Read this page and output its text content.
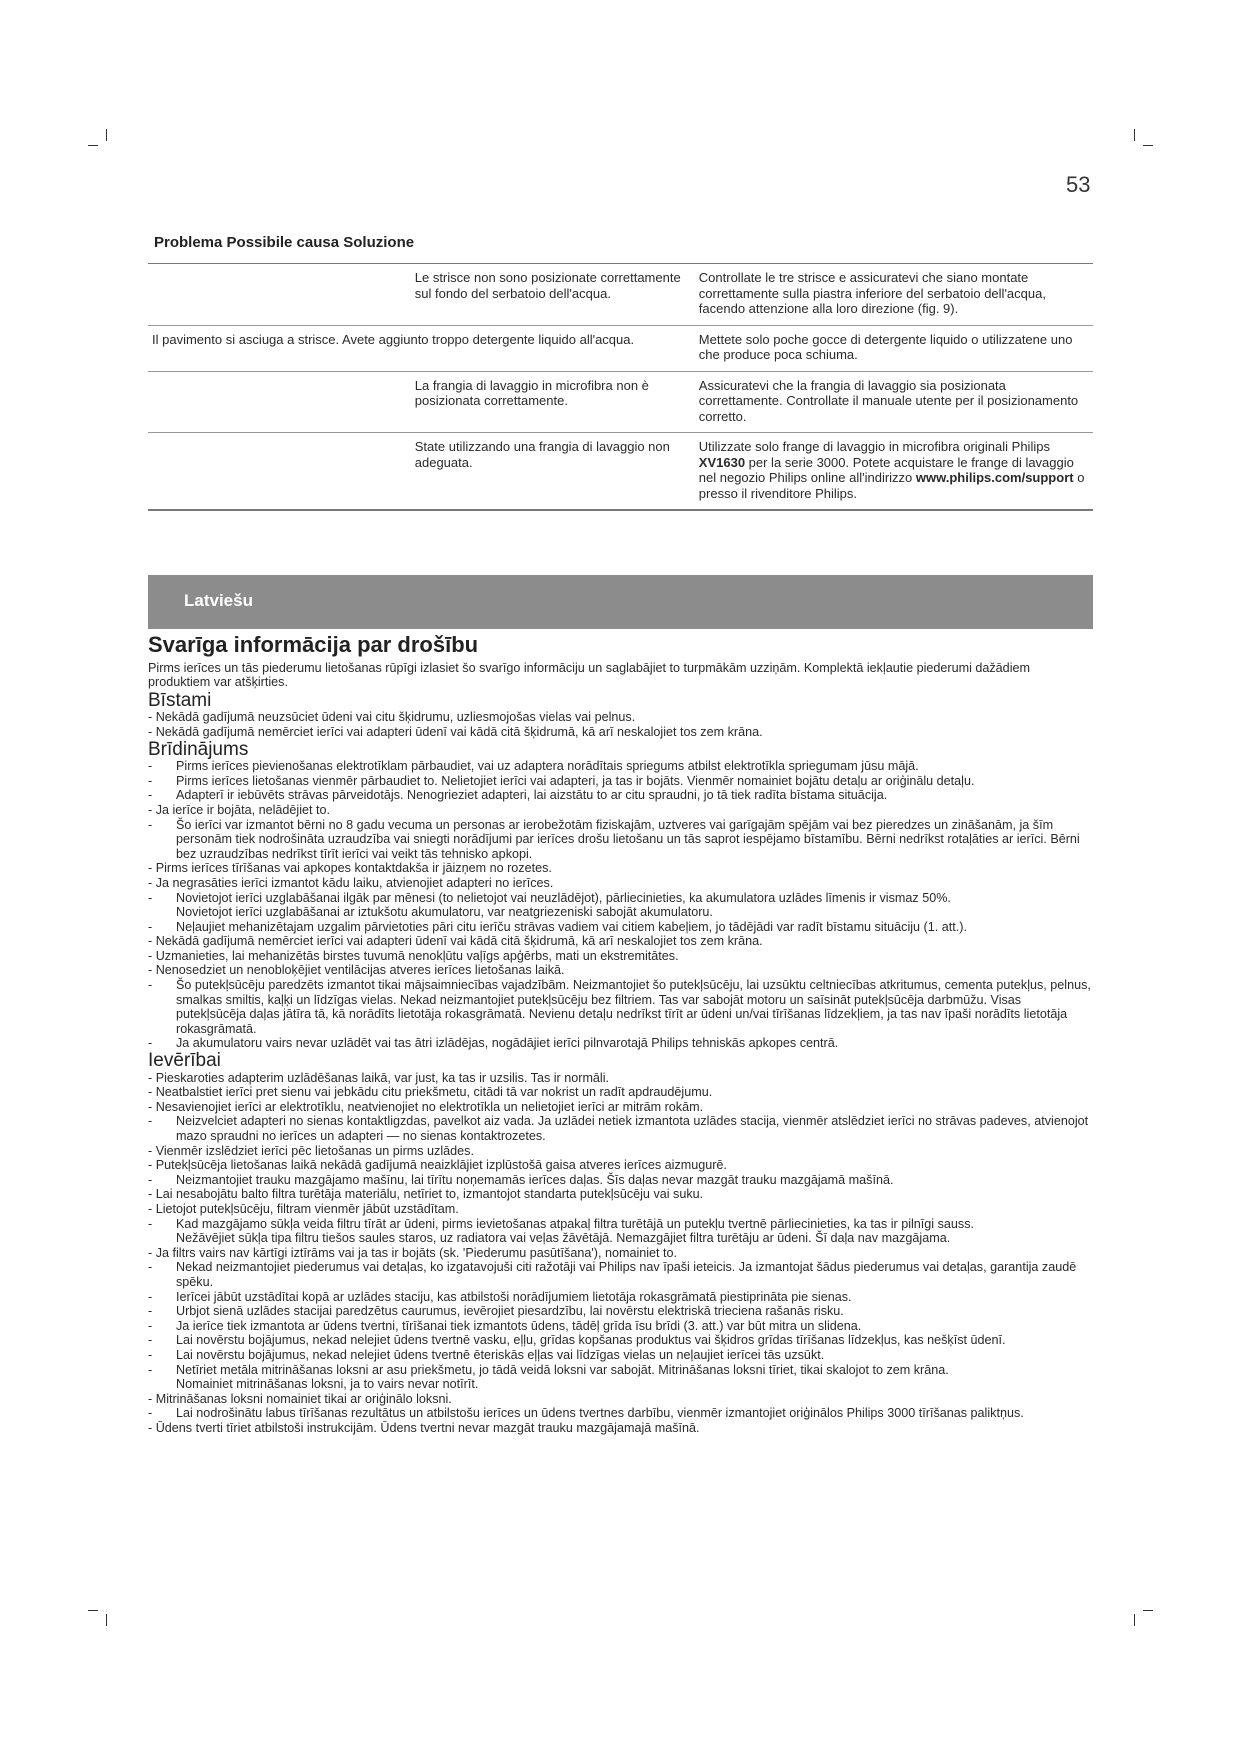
53
Problema Possibile causa Soluzione
	Le strisce non sono posizionate correttamente sul fondo del serbatoio dell'acqua.	Controllate le tre strisce e assicuratevi che siano montate correttamente sulla piastra inferiore del serbatoio dell'acqua, facendo attenzione alla loro direzione (fig. 9).
Il pavimento si asciuga a strisce. Avete aggiunto troppo detergente liquido all'acqua.		Mettete solo poche gocce di detergente liquido o utilizzatene uno che produce poca schiuma.
	La frangia di lavaggio in microfibra non è posizionata correttamente.	Assicuratevi che la frangia di lavaggio sia posizionata correttamente. Controllate il manuale utente per il posizionamento corretto.
	State utilizzando una frangia di lavaggio non adeguata.	Utilizzate solo frange di lavaggio in microfibra originali Philips XV1630 per la serie 3000. Potete acquistare le frange di lavaggio nel negozio Philips online all'indirizzo www.philips.com/support o presso il rivenditore Philips.
Latviešu
Svarīga informācija par drošību

Pirms ierīces un tās piederumu lietošanas rūpīgi izlasiet šo svarīgo informāciju un saglabājiet to turpmākām uzziņām. Komplektā iekļautie piederumi dažādiem produktiem var atšķirties.

Bīstami
- Nekādā gadījumā neuzsūciet ūdeni vai citu šķidrumu, uzliesmojošas vielas vai pelnus.
- Nekādā gadījumā nemērciet ierīci vai adapteri ūdenī vai kādā citā šķidrumā, kā arī neskalojiet tos zem krāna.
Brīdinājums
- Pirms ierīces pievienošanas elektrotīklam pārbaudiet, vai uz adaptera norādītais spriegums atbilst elektrotīkla spriegumam jūsu mājā.
- Pirms ierīces lietošanas vienmēr pārbaudiet to. Nelietojiet ierīci vai adapteri, ja tas ir bojāts. Vienmēr nomainiet bojātu detaļu ar oriģinālu detaļu.
- Adapterī ir iebūvēts strāvas pārveidotājs. Nenogrieziet adapteri, lai aizstātu to ar citu spraudni, jo tā tiek radīta bīstama situācija.
- Ja ierīce ir bojāta, nelādējiet to.
- Šo ierīci var izmantot bērni no 8 gadu vecuma un personas ar ierobežotām fiziskajām, uztveres vai garīgajām spējām vai bez pieredzes un zināšanām, ja šīm personām tiek nodrošināta uzraudzība vai sniegti norādījumi par ierīces drošu lietošanu un tās saprot iespējamo bīstamību. Bērni nedrīkst rotaļāties ar ierīci. Bērni bez uzraudzības nedrīkst tīrīt ierīci vai veikt tās tehnisko apkopi.
- Pirms ierīces tīrīšanas vai apkopes kontaktdakša ir jāizņem no rozetes.
- Ja negrasāties ierīci izmantot kādu laiku, atvienojiet adapteri no ierīces.
- Novietojot ierīci uzglabāšanai ilgāk par mēnesi (to nelietojot vai neuzlādējot), pārliecinieties, ka akumulatora uzlādes līmenis ir vismaz 50%.
Novietojot ierīci uzglabāšanai ar iztukšotu akumulatoru, var neatgriezeniski sabojāt akumulatoru.
- Neļaujiet mehanizētajam uzgalim pārvietoties pāri citu ierīču strāvas vadiem vai citiem kabeļiem, jo tādējādi var radīt bīstamu situāciju (1. att.).
- Nekādā gadījumā nemērciet ierīci vai adapteri ūdenī vai kādā citā šķidrumā, kā arī neskalojiet tos zem krāna.
- Uzmanieties, lai mehanizētās birstes tuvumā nenokļūtu vaļīgs apģērbs, mati un ekstremitātes.
- Nenosedziet un nenobloķējiet ventilācijas atveres ierīces lietošanas laikā.
- Šo putekļsūcēju paredzēts izmantot tikai mājsaimniecības vajadzībām. Neizmantojiet šo putekļsūcēju, lai uzsūktu celtniecības atkritumus, cementa putekļus, pelnus, smalkas smiltis, kaļķi un līdzīgas vielas. Nekad neizmantojiet putekļsūcēju bez filtriem. Tas var sabojāt motoru un saīsināt putekļsūcēja darbmūžu. Visas putekļsūcēja daļas jātīra tā, kā norādīts lietotāja rokasgrāmatā. Nevienu detaļu nedrīkst tīrīt ar ūdeni un/vai tīrīšanas līdzekļiem, ja tas nav īpaši norādīts lietotāja rokasgrāmatā.
- Ja akumulatoru vairs nevar uzlādēt vai tas ātri izlādējas, nogādājiet ierīci pilnvarotajā Philips tehniskās apkopes centrā.
Ievērībai
- Pieskaroties adapterim uzlādēšanas laikā, var just, ka tas ir uzsilis. Tas ir normāli.
- Neatbalstiet ierīci pret sienu vai jebkādu citu priekšmetu, citādi tā var nokrist un radīt apdraudējumu.
- Nesavienojiet ierīci ar elektrotīklu, neatvienojiet no elektrotīkla un nelietojiet ierīci ar mitrām rokām.
- Neizvelciet adapteri no sienas kontaktligzdas, pavelkot aiz vada. Ja uzlādei netiek izmantota uzlādes stacija, vienmēr atslēdziet ierīci no strāvas padeves, atvienojot mazo spraudni no ierīces un adapteri — no sienas kontaktrozetes.
- Vienmēr izslēdziet ierīci pēc lietošanas un pirms uzlādes.
- Putekļsūcēja lietošanas laikā nekādā gadījumā neaizklājiet izplūstošā gaisa atveres ierīces aizmugurē.
- Neizmantojiet trauku mazgājamo mašīnu, lai tīrītu noņemamās ierīces daļas. Šīs daļas nevar mazgāt trauku mazgājamā mašīnā.
- Lai nesabojātu balto filtra turētāja materiālu, netīriet to, izmantojot standarta putekļsūcēju vai suku.
- Lietojot putekļsūcēju, filtram vienmēr jābūt uzstādītam.
- Kad mazgājamo sūkļa veida filtru tīrāt ar ūdeni, pirms ievietošanas atpakaļ filtra turētājā un putekļu tvertnē pārliecinieties, ka tas ir pilnīgi sauss.
Nežāvējiet sūkļa tipa filtru tiešos saules staros, uz radiatora vai veļas žāvētājā. Nemazgājiet filtra turētāju ar ūdeni. Šī daļa nav mazgājama.
- Ja filtrs vairs nav kārtīgi iztīrāms vai ja tas ir bojāts (sk. 'Piederumu pasūtīšana'), nomainiet to.
- Nekad neizmantojiet piederumus vai detaļas, ko izgatavojuši citi ražotāji vai Philips nav īpaši ieteicis. Ja izmantojat šādus piederumus vai detaļas, garantija zaudē spēku.
- Ierīcei jābūt uzstādītai kopā ar uzlādes staciju, kas atbilstoši norādījumiem lietotāja rokasgrāmatā piestiprināta pie sienas.
- Urbjot sienā uzlādes stacijai paredzētus caurumus, ievērojiet piesardzību, lai novērstu elektriskā trieciena rašanās risku.
- Ja ierīce tiek izmantota ar ūdens tvertni, tīrīšanai tiek izmantots ūdens, tādēļ grīda īsu brīdi (3. att.) var būt mitra un slidena.
- Lai novērstu bojājumus, nekad nelejiet ūdens tvertnē vasku, eļļu, grīdas kopšanas produktus vai šķidros grīdas tīrīšanas līdzekļus, kas nešķīst ūdenī.
- Lai novērstu bojājumus, nekad nelejiet ūdens tvertnē ēteriskās eļļas vai līdzīgas vielas un neļaujiet ierīcei tās uzsūkt.
- Netīriet metāla mitrināšanas loksni ar asu priekšmetu, jo tādā veidā loksni var sabojāt. Mitrināšanas loksni tīriet, tikai skalojot to zem krāna.
Nomainiet mitrināšanas loksni, ja to vairs nevar notīrīt.
- Mitrināšanas loksni nomainiet tikai ar oriģinālo loksni.
- Lai nodrošinātu labus tīrīšanas rezultātus un atbilstošu ierīces un ūdens tvertnes darbību, vienmēr izmantojiet oriģinālos Philips 3000 tīrīšanas paliktņus.
- Ūdens tverti tīriet atbilstoši instrukcijām. Ūdens tvertni nevar mazgāt trauku mazgājamajā mašīnā.
